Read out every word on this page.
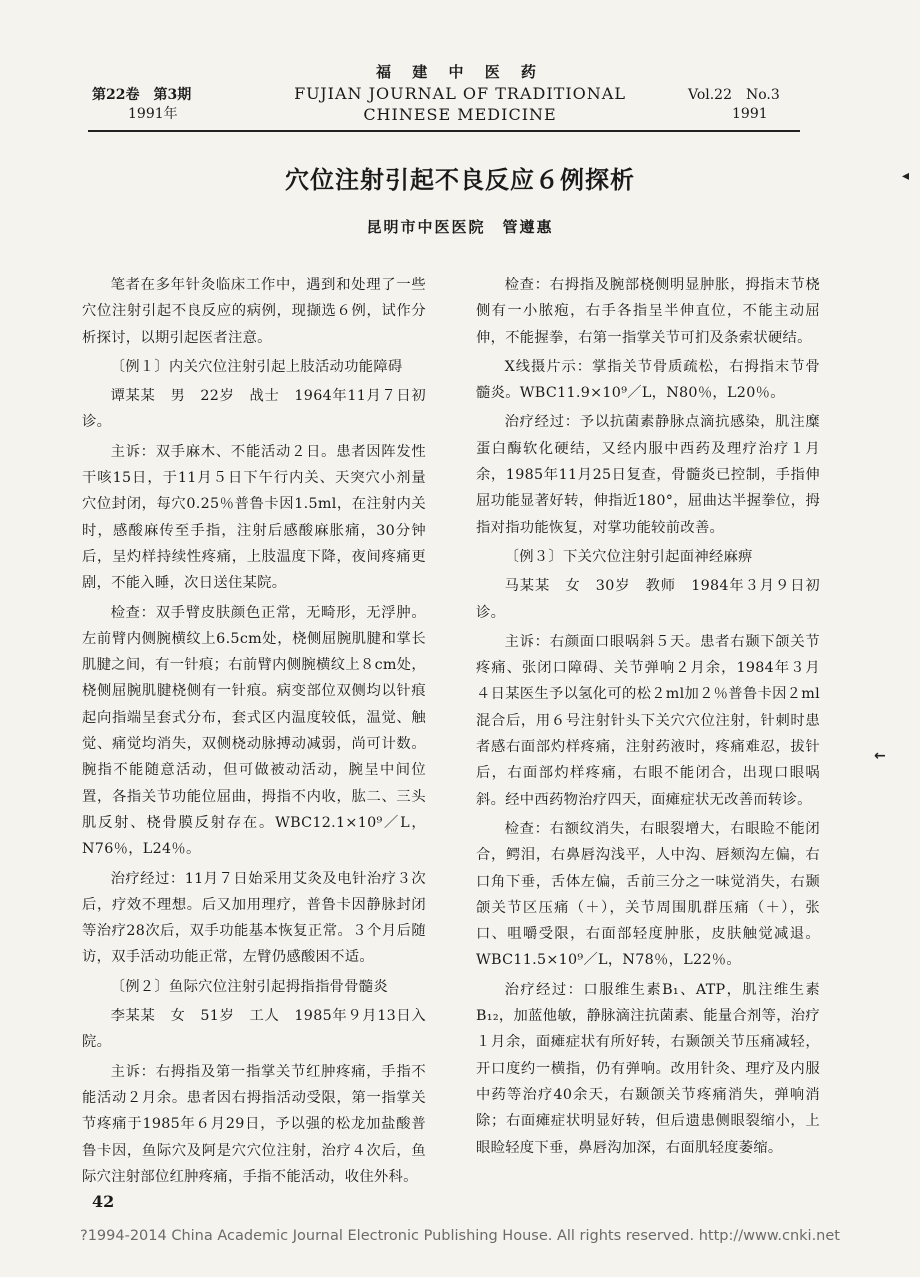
第22卷　第3期
1991年
福 建 中 医 药
FUJIAN JOURNAL OF TRADITIONAL
CHINESE MEDICINE
Vol.22　No.3
1991
穴位注射引起不良反应６例探析
昆明市中医医院　管遵惠

笔者在多年针灸临床工作中，遇到和处理了一些穴位注射引起不良反应的病例，现撷选６例，试作分析探讨，以期引起医者注意。

〔例１〕内关穴位注射引起上肢活动功能障碍

谭某某　男　22岁　战士　1964年11月７日初诊。

主诉：双手麻木、不能活动２日。患者因阵发性干咳15日，于11月５日下午行内关、天突穴小剂量穴位封闭，每穴0.25％普鲁卡因1.5ml，在注射内关时，感酸麻传至手指，注射后感酸麻胀痛，30分钟后，呈灼样持续性疼痛，上肢温度下降，夜间疼痛更剧，不能入睡，次日送住某院。

检查：双手臂皮肤颜色正常，无畸形，无浮肿。左前臂内侧腕横纹上6.5cm处，桡侧屈腕肌腱和掌长肌腱之间，有一针痕；右前臂内侧腕横纹上８cm处，桡侧屈腕肌腱桡侧有一针痕。病变部位双侧均以针痕起向指端呈套式分布，套式区内温度较低，温觉、触觉、痛觉均消失，双侧桡动脉搏动减弱，尚可计数。腕指不能随意活动，但可做被动活动，腕呈中间位置，各指关节功能位屈曲，拇指不内收，肱二、三头肌反射、桡骨膜反射存在。WBC12.1×10⁹／L，N76％，L24％。

治疗经过：11月７日始采用艾灸及电针治疗３次后，疗效不理想。后又加用理疗，普鲁卡因静脉封闭等治疗28次后，双手功能基本恢复正常。３个月后随访，双手活动功能正常，左臂仍感酸困不适。

〔例２〕鱼际穴位注射引起拇指指骨骨髓炎

李某某　女　51岁　工人　1985年９月13日入院。

主诉：右拇指及第一指掌关节红肿疼痛，手指不能活动２月余。患者因右拇指活动受限，第一指掌关节疼痛于1985年６月29日，予以强的松龙加盐酸普鲁卡因，鱼际穴及阿是穴穴位注射，治疗４次后，鱼际穴注射部位红肿疼痛，手指不能活动，收住外科。

检查：右拇指及腕部桡侧明显肿胀，拇指末节桡侧有一小脓疱，右手各指呈半伸直位，不能主动屈伸，不能握拳，右第一指掌关节可扪及条索状硬结。

X线摄片示：掌指关节骨质疏松，右拇指末节骨髓炎。WBC11.9×10⁹／L，N80％，L20％。

治疗经过：予以抗菌素静脉点滴抗感染，肌注糜蛋白酶软化硬结，又经内服中西药及理疗治疗１月余，1985年11月25日复查，骨髓炎已控制，手指伸屈功能显著好转，伸指近180°，屈曲达半握拳位，拇指对指功能恢复，对掌功能较前改善。

〔例３〕下关穴位注射引起面神经麻痹

马某某　女　30岁　教师　1984年３月９日初诊。

主诉：右颜面口眼㖞斜５天。患者右颞下颌关节疼痛、张闭口障碍、关节弹响２月余，1984年３月４日某医生予以氢化可的松２ml加２％普鲁卡因２ml混合后，用６号注射针头下关穴穴位注射，针刺时患者感右面部灼样疼痛，注射药液时，疼痛难忍，拔针后，右面部灼样疼痛，右眼不能闭合，出现口眼㖞斜。经中西药物治疗四天，面瘫症状无改善而转诊。

检查：右额纹消失，右眼裂增大，右眼睑不能闭合，鳄泪，右鼻唇沟浅平，人中沟、唇颏沟左偏，右口角下垂，舌体左偏，舌前三分之一味觉消失，右颞颌关节区压痛（＋），关节周围肌群压痛（＋），张口、咀嚼受限，右面部轻度肿胀，皮肤触觉减退。WBC11.5×10⁹／L，N78％，L22％。

治疗经过：口服维生素B₁、ATP，肌注维生素B₁₂，加蓝他敏，静脉滴注抗菌素、能量合剂等，治疗１月余，面瘫症状有所好转，右颞颌关节压痛减轻，开口度约一横指，仍有弹响。改用针灸、理疗及内服中药等治疗40余天，右颞颌关节疼痛消失，弹响消除；右面瘫症状明显好转，但后遗患侧眼裂缩小，上眼睑轻度下垂，鼻唇沟加深，右面肌轻度萎缩。

◂
←
42
?1994-2014 China Academic Journal Electronic Publishing House. All rights reserved. http://www.cnki.net
